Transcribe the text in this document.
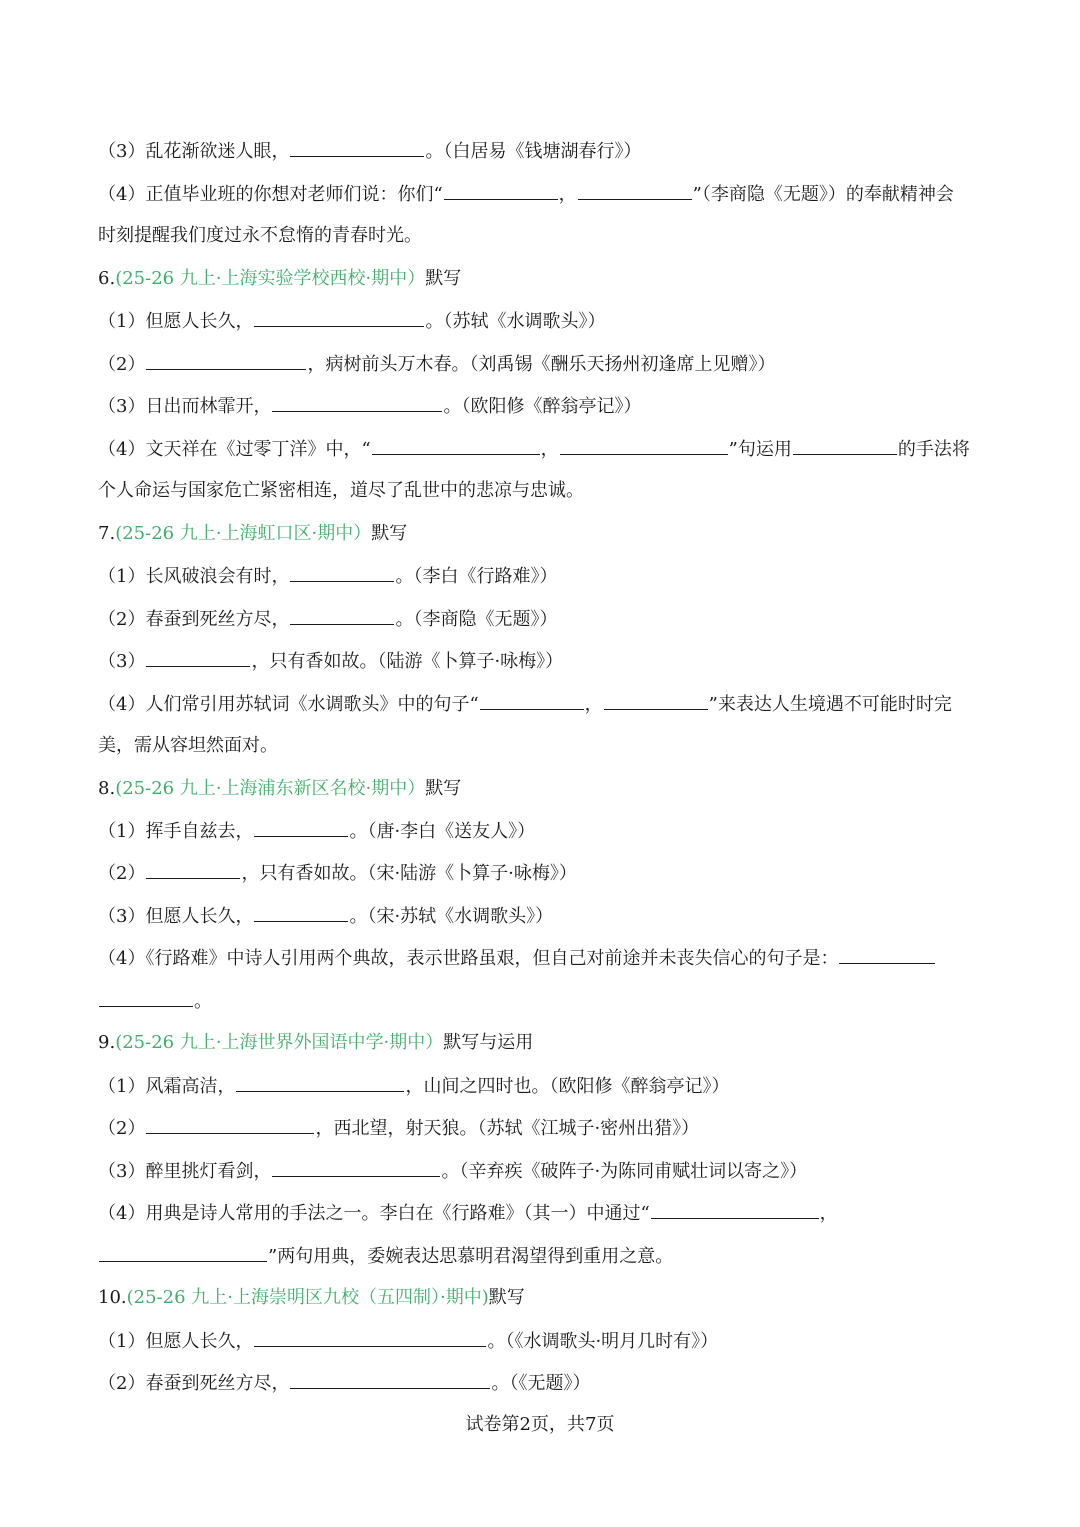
（3）乱花渐欲迷人眼，	。（白居易《钱塘湖春行》）
（4）正值毕业班的你想对老师们说：你们“	，	”（李商隐《无题》）的奉献精神会
时刻提醒我们度过永不怠惰的青春时光。
6.(25-26 九上·上海实验学校西校·期中）默写
（1）但愿人长久，	。（苏轼《水调歌头》）
（2）	，病树前头万木春。（刘禹锡《酬乐天扬州初逢席上见赠》）
（3）日出而林霏开，	。（欧阳修《醉翁亭记》）
（4）文天祥在《过零丁洋》中，“	，	”句运用	的手法将
个人命运与国家危亡紧密相连，道尽了乱世中的悲凉与忠诚。
7.(25-26 九上·上海虹口区·期中）默写
（1）长风破浪会有时，	。（李白《行路难》）
（2）春蚕到死丝方尽，	。（李商隐《无题》）
（3）	，只有香如故。（陆游《卜算子·咏梅》）
（4）人们常引用苏轼词《水调歌头》中的句子“	，	”来表达人生境遇不可能时时完
美，需从容坦然面对。
8.(25-26 九上·上海浦东新区名校·期中）默写
（1）挥手自兹去，	。（唐·李白《送友人》）
（2）	，只有香如故。（宋·陆游《卜算子·咏梅》）
（3）但愿人长久，	。（宋·苏轼《水调歌头》）
（4）《行路难》中诗人引用两个典故，表示世路虽艰，但自己对前途并未丧失信心的句子是：
。
9.(25-26 九上·上海世界外国语中学·期中）默写与运用
（1）风霜高洁，	，山间之四时也。（欧阳修《醉翁亭记》）
（2）	，西北望，射天狼。（苏轼《江城子·密州出猎》）
（3）醉里挑灯看剑，	。（辛弃疾《破阵子·为陈同甫赋壮词以寄之》）
（4）用典是诗人常用的手法之一。李白在《行路难》（其一）中通过“	，
”两句用典，委婉表达思慕明君渴望得到重用之意。
10.(25-26 九上·上海崇明区九校（五四制）·期中)默写
（1）但愿人长久，	。（《水调歌头·明月几时有》）
（2）春蚕到死丝方尽，	。（《无题》）
试卷第2页，共7页
